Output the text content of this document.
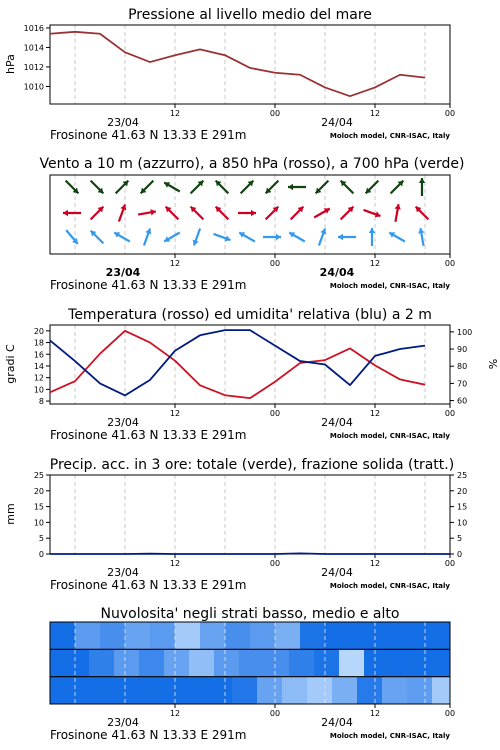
Pressione al livello medio del mare
hPa
1010
1012
1014
1016
12	00	12	00
23/04	24/04
Frosinone 41.63 N 13.33 E 291m	Moloch model, CNR-ISAC, Italy
Vento a 10 m (azzurro), a 850 hPa (rosso), a 700 hPa (verde)
12	00	12	00
23/04	24/04
Frosinone 41.63 N 13.33 E 291m	Moloch model, CNR-ISAC, Italy
Temperatura (rosso) ed umidita' relativa (blu) a 2 m
gradi C	%
8
10
12
14
16
18
20
60
70
80
90
100
12	00	12	00
23/04	24/04
Frosinone 41.63 N 13.33 E 291m	Moloch model, CNR-ISAC, Italy
Precip. acc. in 3 ore: totale (verde), frazione solida (tratt.)
mm
0
5
10
15
20
25
0
5
10
15
20
25
12	00	12	00
23/04	24/04
Frosinone 41.63 N 13.33 E 291m	Moloch model, CNR-ISAC, Italy
Nuvolosita' negli strati basso, medio e alto
12	00	12	00
23/04	24/04
Frosinone 41.63 N 13.33 E 291m	Moloch model, CNR-ISAC, Italy
